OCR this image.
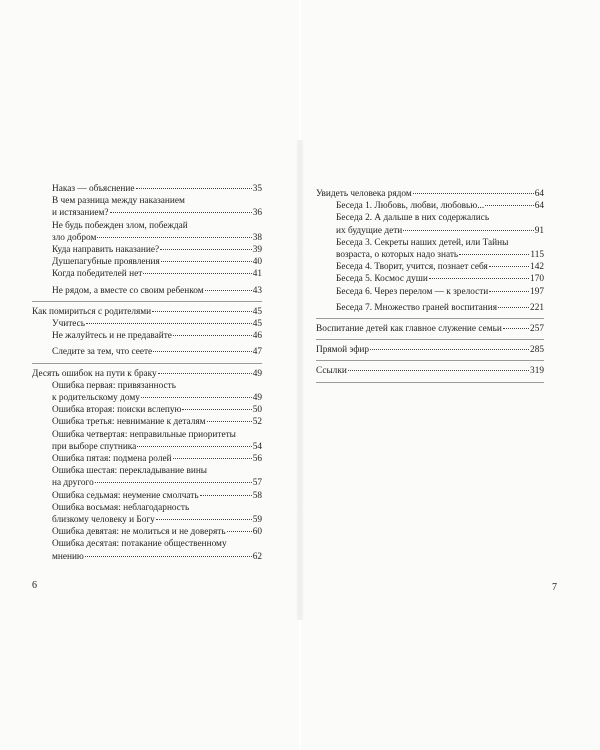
Наказ — объяснение	35
В чем разница между наказанием
и истязанием?	36
Не будь побежден злом, побеждай
зло добром	38
Куда направить наказание?	39
Душепагубные проявления	40
Когда победителей нет	41
Не рядом, а вместе со своим ребенком	43
Как помириться с родителями	45
Учитесь	45
Не жалуйтесь и не предавайте	46
Следите за тем, что сеете	47
Десять ошибок на пути к браку	49
Ошибка первая: привязанность
к родительскому дому	49
Ошибка вторая: поиски вслепую	50
Ошибка третья: невнимание к деталям	52
Ошибка четвертая: неправильные приоритеты
при выборе спутника	54
Ошибка пятая: подмена ролей	56
Ошибка шестая: перекладывание вины
на другого	57
Ошибка седьмая: неумение смолчать	58
Ошибка восьмая: неблагодарность
близкому человеку и Богу	59
Ошибка девятая: не молиться и не доверять	60
Ошибка десятая: потакание общественному
мнению	62
Увидеть человека рядом	64
Беседа 1. Любовь, любви, любовью...	64
Беседа 2. А дальше в них содержались
их будущие дети	91
Беседа 3. Секреты наших детей, или Тайны
возраста, о которых надо знать	115
Беседа 4. Творит, учится, познает себя	142
Беседа 5. Космос души	170
Беседа 6. Через перелом — к зрелости	197
Беседа 7. Множество граней воспитания	221
Воспитание детей как главное служение семьи	257
Прямой эфир	285
Ссылки	319
6	7
